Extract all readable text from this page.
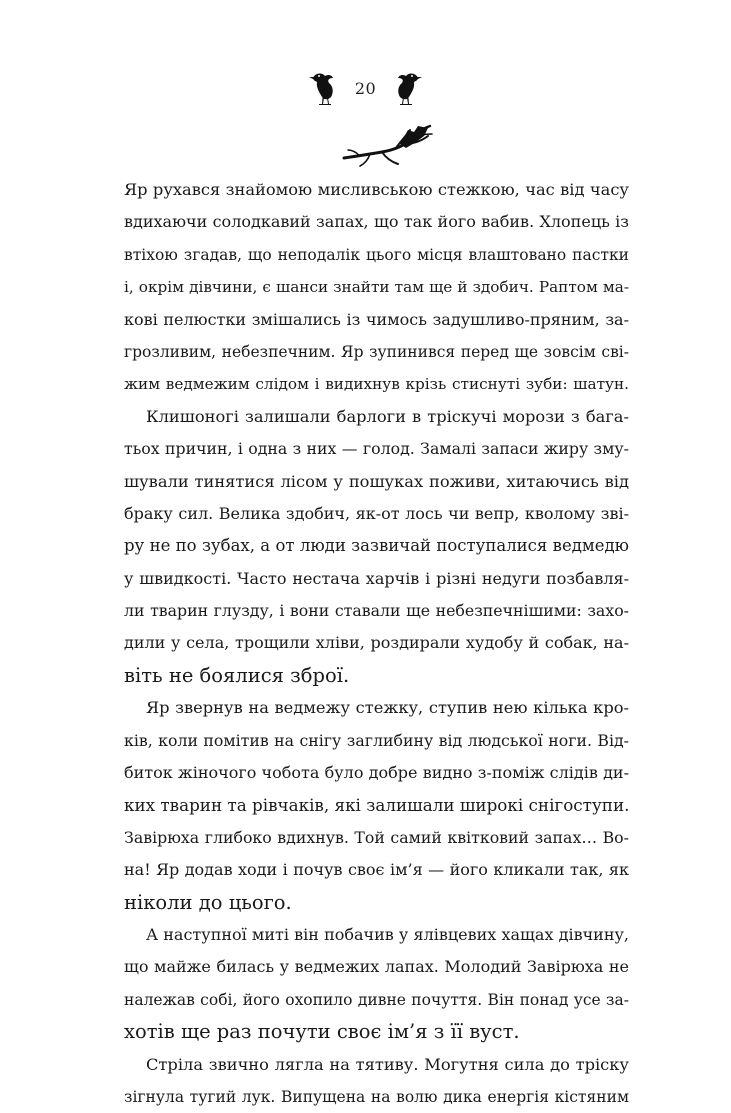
20
Яр рухався знайомою мисливською стежкою, час від часу
вдихаючи солодкавий запах, що так його вабив. Хлопець із
втіхою згадав, що неподалік цього місця влаштовано пастки
і, окрім дівчини, є шанси знайти там ще й здобич. Раптом ма-
кові пелюстки змішались із чимось задушливо-пряним, за-
грозливим, небезпечним. Яр зупинився перед ще зовсім сві-
жим ведмежим слідом і видихнув крізь стиснуті зуби: шатун.
Клишоногі залишали барлоги в тріскучі морози з бага-
тьох причин, і одна з них — голод. Замалі запаси жиру зму-
шували тинятися лісом у пошуках поживи, хитаючись від
браку сил. Велика здобич, як-от лось чи вепр, кволому зві-
ру не по зубах, а от люди зазвичай поступалися ведмедю
у швидкості. Часто нестача харчів і різні недуги позбавля-
ли тварин глузду, і вони ставали ще небезпечнішими: захо-
дили у села, трощили хліви, роздирали худобу й собак, на-
віть не боялися зброї.
Яр звернув на ведмежу стежку, ступив нею кілька кро-
ків, коли помітив на снігу заглибину від людської ноги. Від-
биток жіночого чобота було добре видно з-поміж слідів ди-
ких тварин та рівчаків, які залишали широкі снігоступи.
Завірюха глибоко вдихнув. Той самий квітковий запах… Во-
на! Яр додав ходи і почув своє ім’я — його кликали так, як
ніколи до цього.
А наступної миті він побачив у ялівцевих хащах дівчину,
що майже билась у ведмежих лапах. Молодий Завірюха не
належав собі, його охопило дивне почуття. Він понад усе за-
хотів ще раз почути своє ім’я з її вуст.
Стріла звично лягла на тятиву. Могутня сила до тріску
зігнула тугий лук. Випущена на волю дика енергія кістяним
